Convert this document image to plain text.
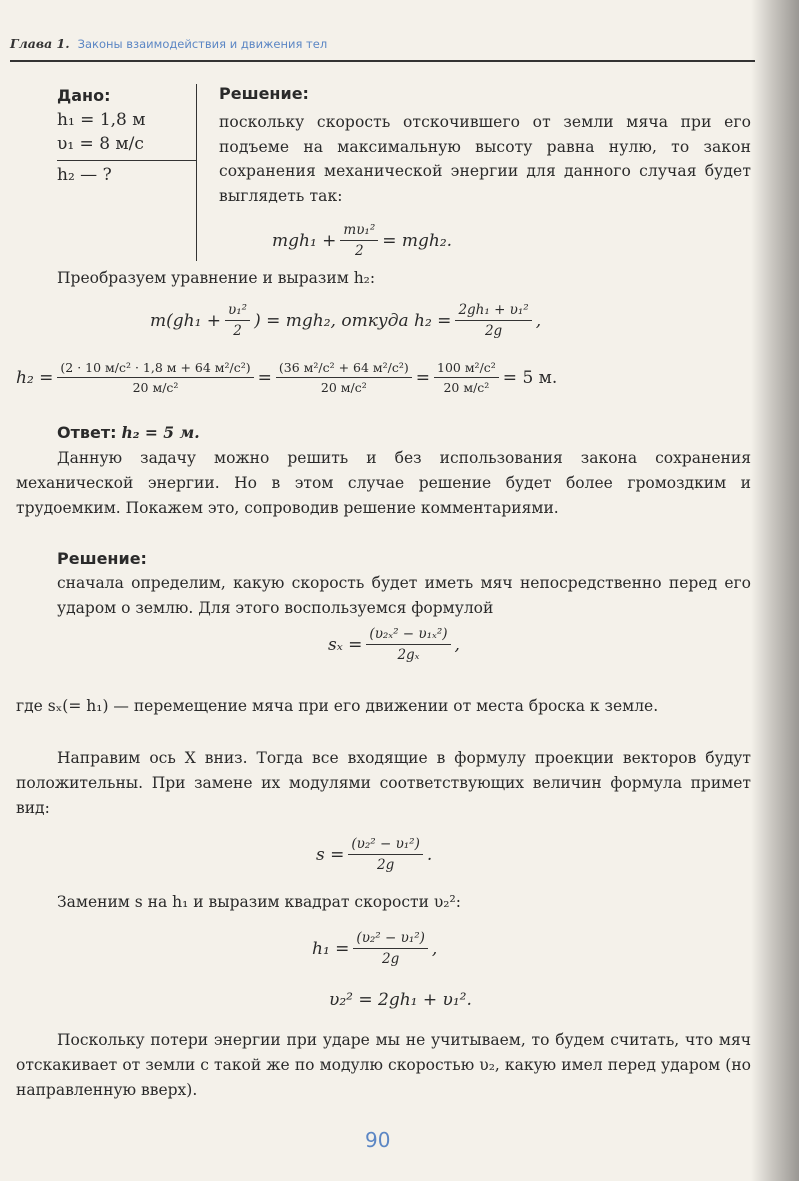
Глава 1. Законы взаимодействия и движения тел
Дано:
h₁ = 1,8 м
υ₁ = 8 м/с
h₂ — ?
Решение:
поскольку скорость отскочившего от земли мяча при его подъеме на максимальную высоту равна нулю, то закон сохранения механической энергии для данного случая будет выглядеть так:
$mgh_1 + \frac{\text{mυ₁²}}{2} = mgh_2$.
Преобразуем уравнение и выразим h₂:
$m(gh_1 + \frac{\text{υ₁²}}{2}$ ) = mgh₂, откуда $h_2 = \frac{\text{2gh₁ + υ₁²}}{2g}$ ,
$h_2 = \frac{\text{(2 · 10 м/с² · 1,8 м + 64 м²/с²)}}{\text{20 м/с²}} = \frac{\text{(36 м²/с² + 64 м²/с²)}}{\text{20 м/с²}} = \frac{\text{100 м²/с²}}{\text{20 м/с²}} = 5$ м.
Ответ: h₂ = 5 м.
Данную задачу можно решить и без использования закона сохранения механической энергии. Но в этом случае решение будет более громоздким и трудоемким. Покажем это, сопроводив решение комментариями.
Решение:
сначала определим, какую скорость будет иметь мяч непосредственно перед его ударом о землю. Для этого воспользуемся формулой
$s_x = \frac{\text{(υ₂ₓ² − υ₁ₓ²)}}{\text{2gₓ}}$ ,
где sₓ(= h₁) — перемещение мяча при его движении от места броска к земле.
Направим ось X вниз. Тогда все входящие в формулу проекции векторов будут положительны. При замене их модулями соответствующих величин формула примет вид:
$s = \frac{\text{(υ₂² − υ₁²)}}{2g}$ .
Заменим s на h₁ и выразим квадрат скорости υ₂²:
$h_1 = \frac{\text{(υ₂² − υ₁²)}}{2g}$ ,
υ₂² = 2gh₁ + υ₁².
Поскольку потери энергии при ударе мы не учитываем, то будем считать, что мяч отскакивает от земли с такой же по модулю скоростью υ₂, какую имел перед ударом (но направленную вверх).
90
